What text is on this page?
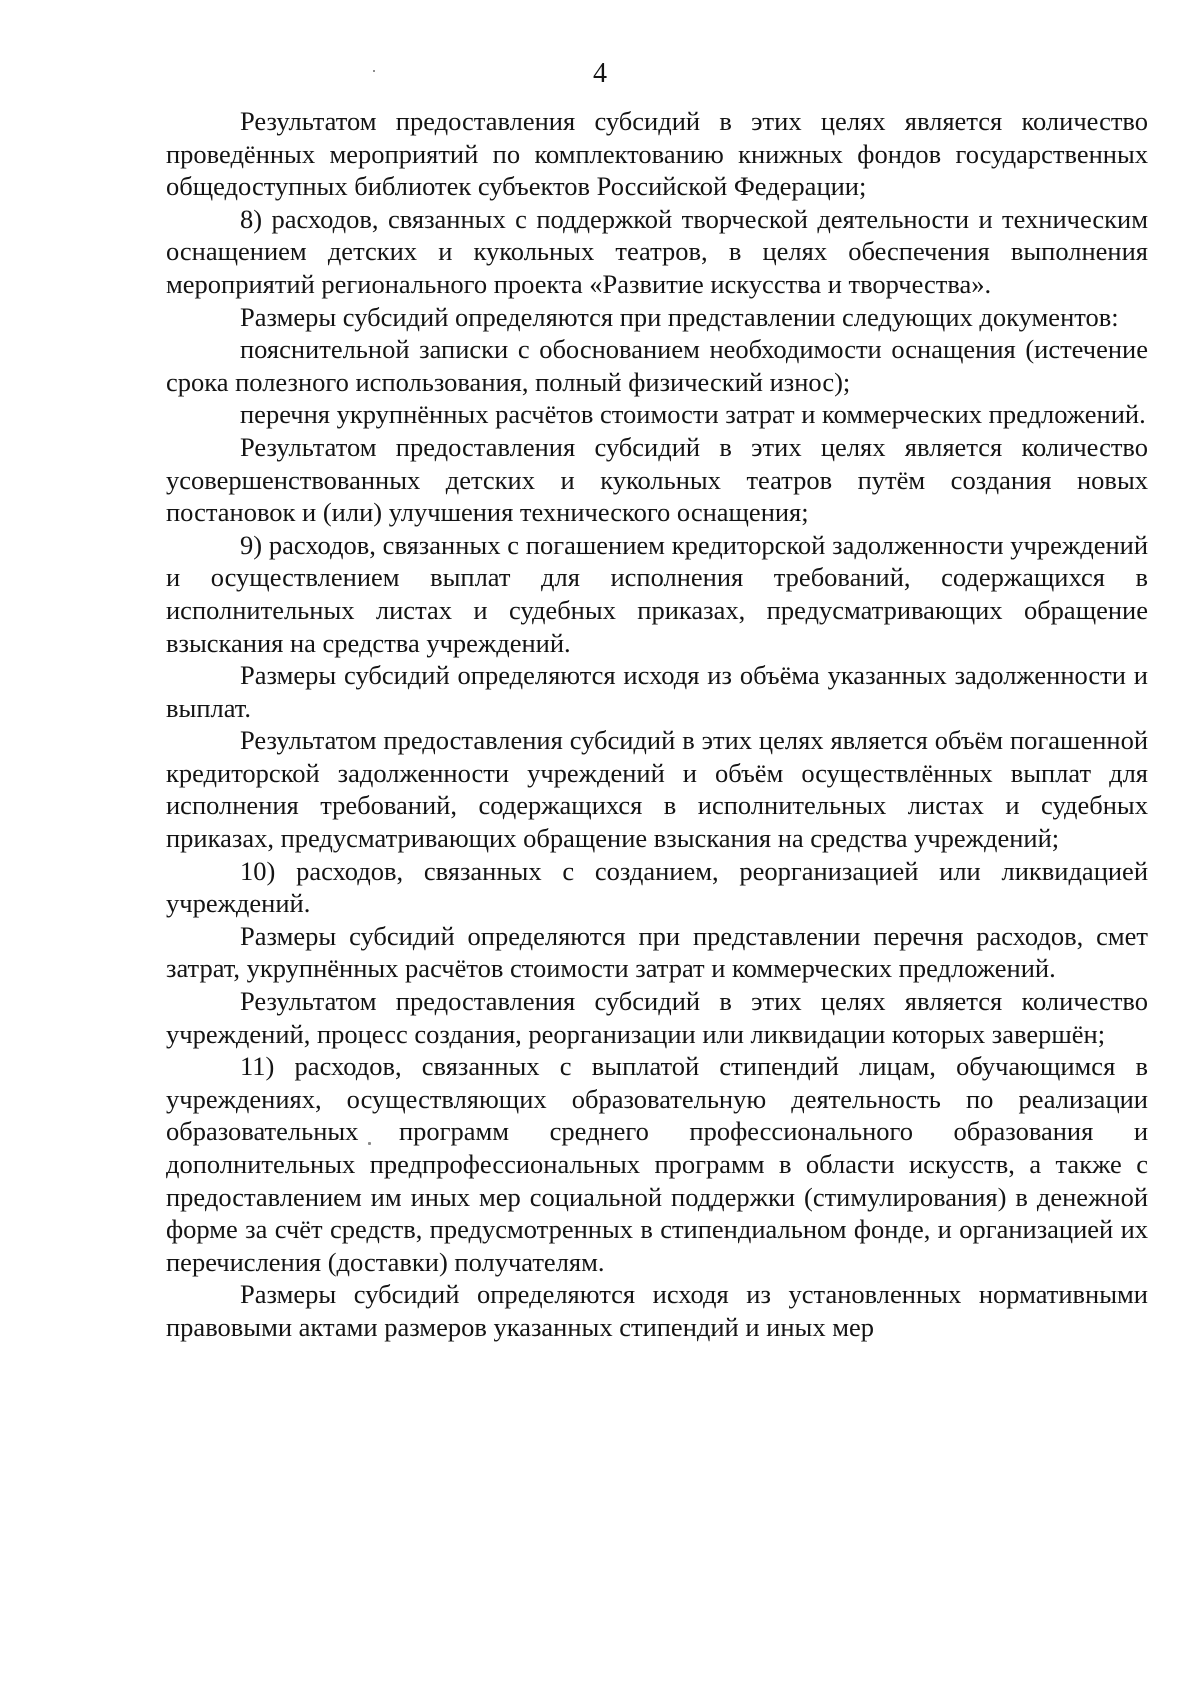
4

Результатом предоставления субсидий в этих целях является количество проведённых мероприятий по комплектованию книжных фондов государственных общедоступных библиотек субъектов Российской Федерации;

8) расходов, связанных с поддержкой творческой деятельности и техническим оснащением детских и кукольных театров, в целях обеспечения выполнения мероприятий регионального проекта «Развитие искусства и творчества».

Размеры субсидий определяются при представлении следующих документов:

пояснительной записки с обоснованием необходимости оснащения (истечение срока полезного использования, полный физический износ);

перечня укрупнённых расчётов стоимости затрат и коммерческих предложений.

Результатом предоставления субсидий в этих целях является количество усовершенствованных детских и кукольных театров путём создания новых постановок и (или) улучшения технического оснащения;

9) расходов, связанных с погашением кредиторской задолженности учреждений и осуществлением выплат для исполнения требований, содержащихся в исполнительных листах и судебных приказах, предусматривающих обращение взыскания на средства учреждений.

Размеры субсидий определяются исходя из объёма указанных задолженности и выплат.

Результатом предоставления субсидий в этих целях является объём погашенной кредиторской задолженности учреждений и объём осуществлённых выплат для исполнения требований, содержащихся в исполнительных листах и судебных приказах, предусматривающих обращение взыскания на средства учреждений;

10) расходов, связанных с созданием, реорганизацией или ликвидацией учреждений.

Размеры субсидий определяются при представлении перечня расходов, смет затрат, укрупнённых расчётов стоимости затрат и коммерческих предложений.

Результатом предоставления субсидий в этих целях является количество учреждений, процесс создания, реорганизации или ликвидации которых завершён;

11) расходов, связанных с выплатой стипендий лицам, обучающимся в учреждениях, осуществляющих образовательную деятельность по реализации образовательных программ среднего профессионального образования и дополнительных предпрофессиональных программ в области искусств, а также с предоставлением им иных мер социальной поддержки (стимулирования) в денежной форме за счёт средств, предусмотренных в стипендиальном фонде, и организацией их перечисления (доставки) получателям.

Размеры субсидий определяются исходя из установленных нормативными правовыми актами размеров указанных стипендий и иных мер
